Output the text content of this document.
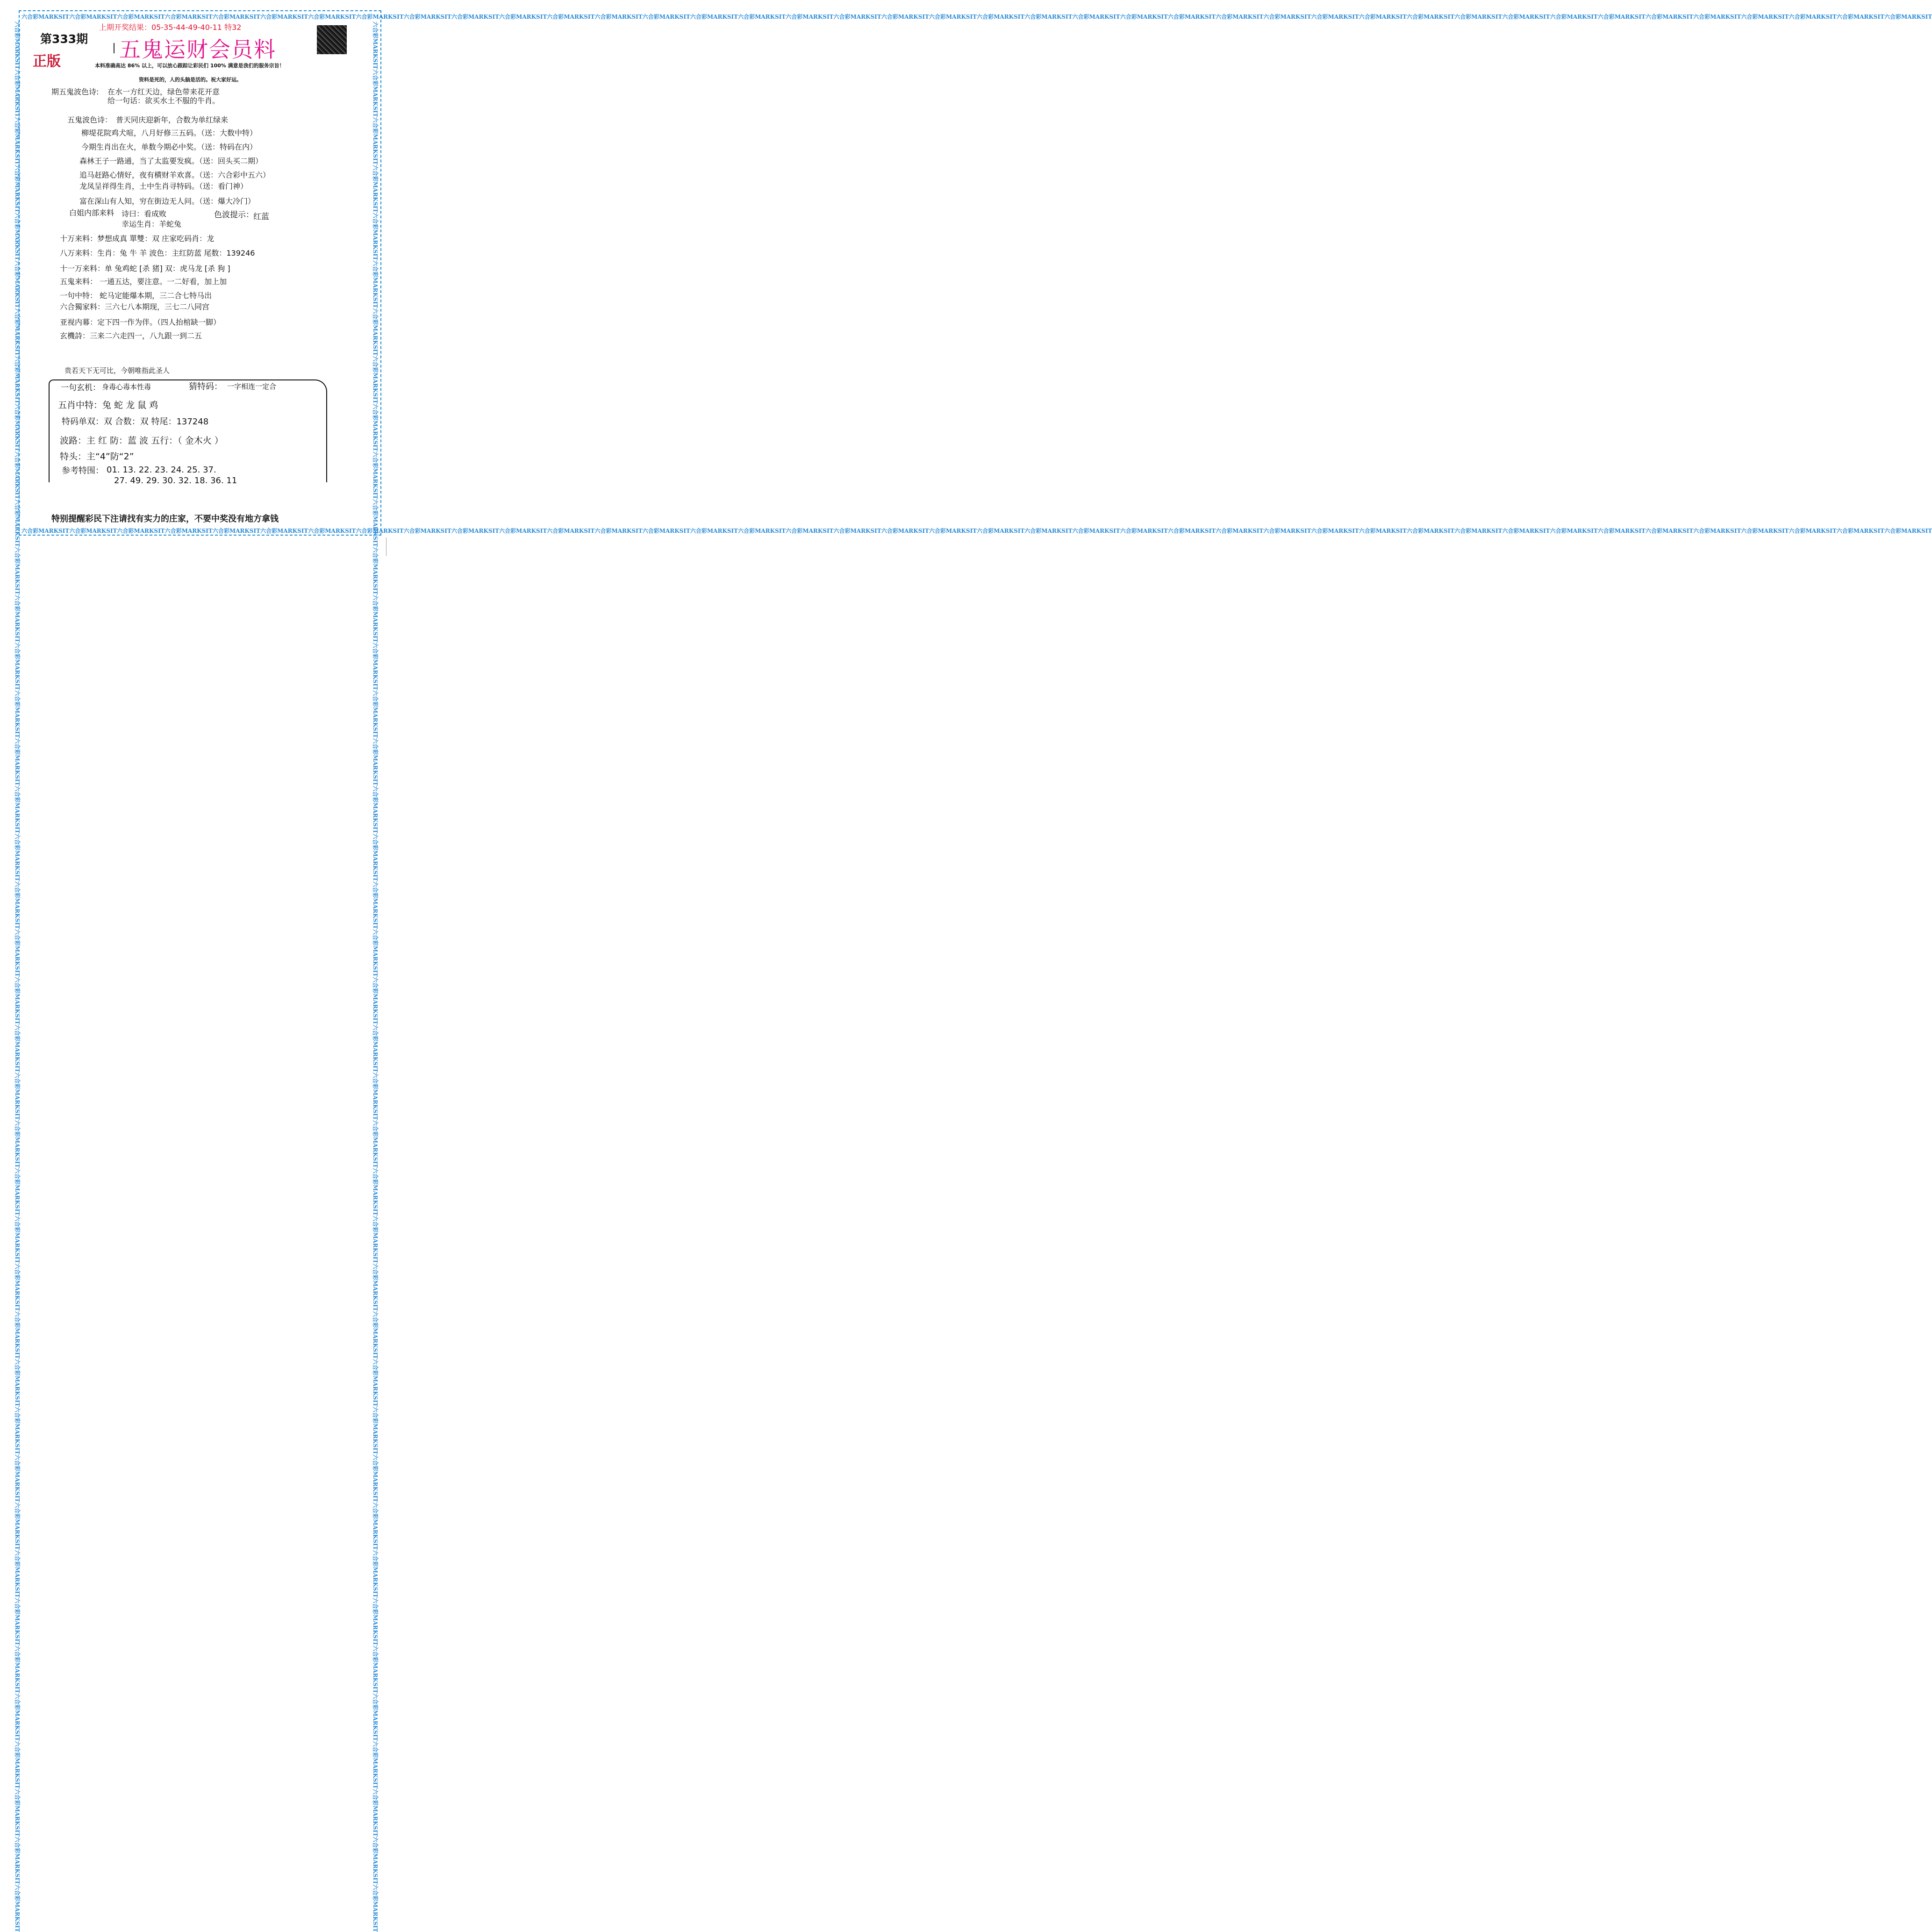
六合彩MARKSIT六合彩MARKSIT六合彩MARKSIT六合彩MARKSIT六合彩MARKSIT六合彩MARKSIT六合彩MARKSIT六合彩MARKSIT六合彩MARKSIT六合彩MARKSIT六合彩MARKSIT六合彩MARKSIT六合彩MARKSIT六合彩MARKSIT六合彩MARKSIT六合彩MARKSIT六合彩MARKSIT六合彩MARKSIT六合彩MARKSIT六合彩MARKSIT六合彩MARKSIT六合彩MARKSIT六合彩MARKSIT六合彩MARKSIT六合彩MARKSIT六合彩MARKSIT六合彩MARKSIT六合彩MARKSIT六合彩MARKSIT六合彩MARKSIT六合彩MARKSIT六合彩MARKSIT六合彩MARKSIT六合彩MARKSIT六合彩MARKSIT六合彩MARKSIT六合彩MARKSIT六合彩MARKSIT六合彩MARKSIT六合彩MARKSIT
六合彩MARKSIT六合彩MARKSIT六合彩MARKSIT六合彩MARKSIT六合彩MARKSIT六合彩MARKSIT六合彩MARKSIT六合彩MARKSIT六合彩MARKSIT六合彩MARKSIT六合彩MARKSIT六合彩MARKSIT六合彩MARKSIT六合彩MARKSIT六合彩MARKSIT六合彩MARKSIT六合彩MARKSIT六合彩MARKSIT六合彩MARKSIT六合彩MARKSIT六合彩MARKSIT六合彩MARKSIT六合彩MARKSIT六合彩MARKSIT六合彩MARKSIT六合彩MARKSIT六合彩MARKSIT六合彩MARKSIT六合彩MARKSIT六合彩MARKSIT六合彩MARKSIT六合彩MARKSIT六合彩MARKSIT六合彩MARKSIT六合彩MARKSIT六合彩MARKSIT六合彩MARKSIT六合彩MARKSIT六合彩MARKSIT六合彩MARKSIT
六合彩MARKSIT六合彩MARKSIT六合彩MARKSIT六合彩MARKSIT六合彩MARKSIT六合彩MARKSIT六合彩MARKSIT六合彩MARKSIT六合彩MARKSIT六合彩MARKSIT六合彩MARKSIT六合彩MARKSIT六合彩MARKSIT六合彩MARKSIT六合彩MARKSIT六合彩MARKSIT六合彩MARKSIT六合彩MARKSIT六合彩MARKSIT六合彩MARKSIT六合彩MARKSIT六合彩MARKSIT六合彩MARKSIT六合彩MARKSIT六合彩MARKSIT六合彩MARKSIT六合彩MARKSIT六合彩MARKSIT六合彩MARKSIT六合彩MARKSIT六合彩MARKSIT六合彩MARKSIT六合彩MARKSIT六合彩MARKSIT六合彩MARKSIT六合彩MARKSIT六合彩MARKSIT六合彩MARKSIT六合彩MARKSIT六合彩MARKSIT	六合彩MARKSIT六合彩MARKSIT六合彩MARKSIT六合彩MARKSIT六合彩MARKSIT六合彩MARKSIT六合彩MARKSIT六合彩MARKSIT六合彩MARKSIT六合彩MARKSIT六合彩MARKSIT六合彩MARKSIT六合彩MARKSIT六合彩MARKSIT六合彩MARKSIT六合彩MARKSIT六合彩MARKSIT六合彩MARKSIT六合彩MARKSIT六合彩MARKSIT六合彩MARKSIT六合彩MARKSIT六合彩MARKSIT六合彩MARKSIT六合彩MARKSIT六合彩MARKSIT六合彩MARKSIT六合彩MARKSIT六合彩MARKSIT六合彩MARKSIT六合彩MARKSIT六合彩MARKSIT六合彩MARKSIT六合彩MARKSIT六合彩MARKSIT六合彩MARKSIT六合彩MARKSIT六合彩MARKSIT六合彩MARKSIT六合彩MARKSIT
第333期
正版
上期开奖结果：05-35-44-49-40-11 特32
五鬼运财会员料
本料准确高达 86% 以上，可以放心跟踪让彩民们 100% 满意是我们的服务宗旨！
资料是死的，人的头脑是活的。祝大家好运。
期五鬼波色诗: 在水一方红天边，绿色带来花开意
给一句话：欲买水土不服的牛肖。
五鬼波色诗： 普天同庆迎新年，合数为单红绿来
柳堤花院鸡犬喧，八月好修三五码。（送：大数中特）
今期生肖出在火，单数今期必中奖。（送：特码在内）
森林王子一路通，当了太监要发疯。（送：回头买二期）
追马赶路心情好，夜有横财羊欢喜。（送：六合彩中五六）
龙凤呈祥得生肖，土中生肖寻特码。（送：看门神）
富在深山有人知，穷在街边无人问。（送：爆大冷门）
白姐内部来料 诗曰：看成败
幸运生肖：羊蛇兔
色波提示： 红蓝
十万来料：梦想成真 單雙：双 庄家吃码肖：龙
八万来料：生肖：兔 牛 羊 波色：主红防蓝 尾数：139246
十一万来料：单 兔鸡蛇 [杀 猪] 双：虎马龙 [杀 狗 ]
五鬼来料： 一通五达，要注意。一二好看，加上加
一句中特： 蛇马定能爆本期，三二合七特马出
六合獨家料：三六七八本期现，三七二八同宫
亚视内幕：定下四一作为伴。（四人抬棺缺一脚）
玄機詩：三来二六走四一，八九跟一到二五
贵若天下无可比，今朝唯指此圣人
一句玄机： 身毒心毒本性毒	猜特码： 一字相连一定合
五肖中特：兔 蛇 龙 鼠 鸡
特码单双：双 合数：双 特尾：137248
波路：主 红 防：蓝 波 五行：（ 金木火 ）
特头：主“4”防“2”
参考特围： 01. 13. 22. 23. 24. 25. 37.
27. 49. 29. 30. 32. 18. 36. 11
特别提醒彩民下注请找有实力的庄家，不要中奖没有地方拿钱
